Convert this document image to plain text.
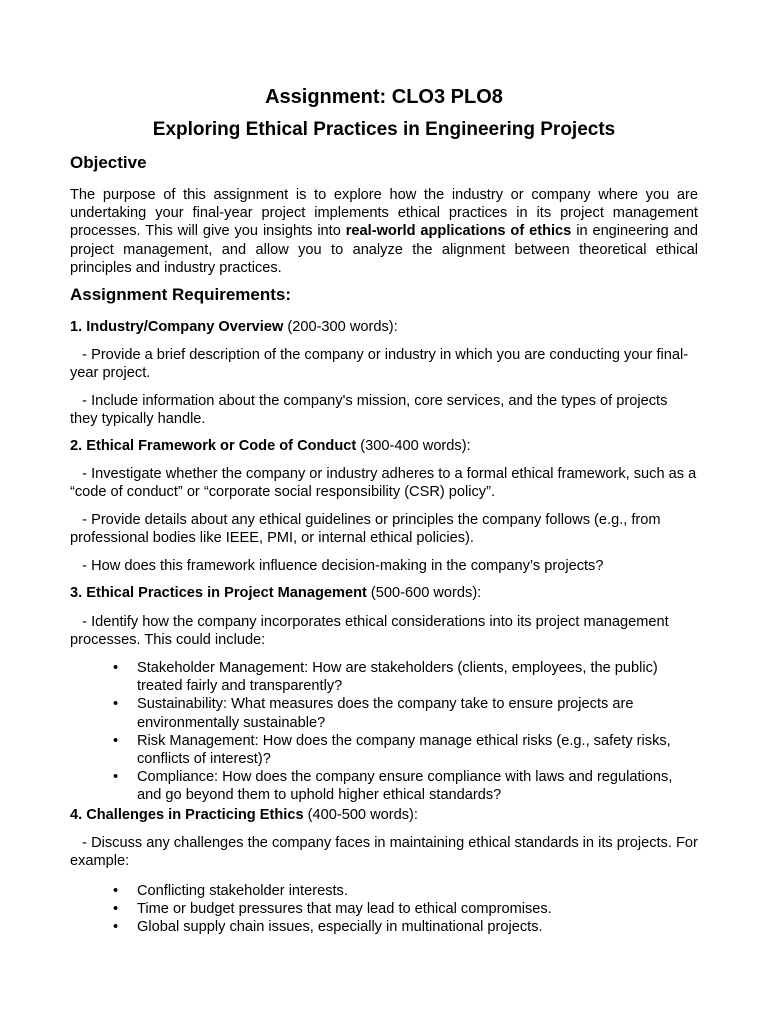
Assignment: CLO3 PLO8
Exploring Ethical Practices in Engineering Projects
Objective

The purpose of this assignment is to explore how the industry or company where you are undertaking your final-year project implements ethical practices in its project management processes. This will give you insights into real-world applications of ethics in engineering and project management, and allow you to analyze the alignment between theoretical ethical principles and industry practices.

Assignment Requirements:

1. Industry/Company Overview (200-300 words):

- Provide a brief description of the company or industry in which you are conducting your final-year project.

- Include information about the company's mission, core services, and the types of projects they typically handle.

2. Ethical Framework or Code of Conduct (300-400 words):

- Investigate whether the company or industry adheres to a formal ethical framework, such as a “code of conduct” or “corporate social responsibility (CSR) policy”.

- Provide details about any ethical guidelines or principles the company follows (e.g., from professional bodies like IEEE, PMI, or internal ethical policies).

- How does this framework influence decision-making in the company’s projects?

3. Ethical Practices in Project Management (500-600 words):

- Identify how the company incorporates ethical considerations into its project management processes. This could include:

• Stakeholder Management: How are stakeholders (clients, employees, the public) treated fairly and transparently?
• Sustainability: What measures does the company take to ensure projects are environmentally sustainable?
• Risk Management: How does the company manage ethical risks (e.g., safety risks, conflicts of interest)?
• Compliance: How does the company ensure compliance with laws and regulations, and go beyond them to uphold higher ethical standards?

4. Challenges in Practicing Ethics (400-500 words):

- Discuss any challenges the company faces in maintaining ethical standards in its projects. For example:

• Conflicting stakeholder interests.
• Time or budget pressures that may lead to ethical compromises.
• Global supply chain issues, especially in multinational projects.
